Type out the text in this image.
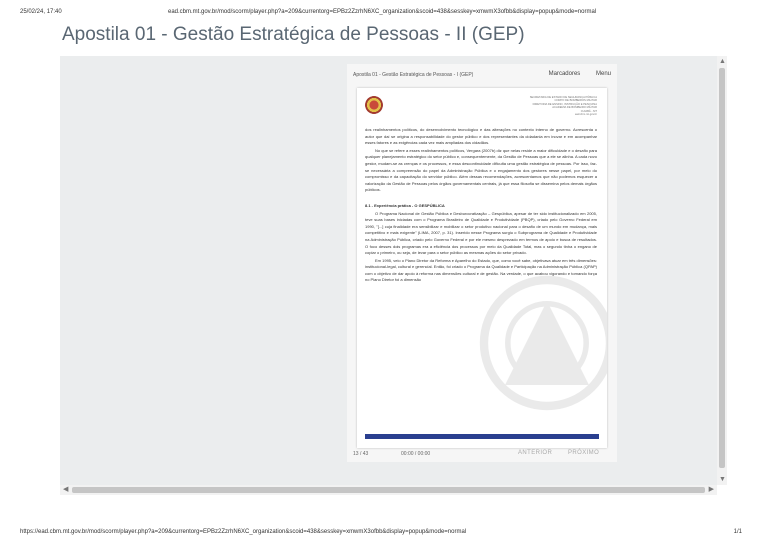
25/02/24, 17:40	ead.cbm.mt.gov.br/mod/scorm/player.php?a=209&currentorg=EPBz2ZzrhN6XC_organization&scoid=438&sesskey=xmwmX3ofbb&display=popup&mode=normal
Apostila 01 - Gestão Estratégica de Pessoas - II (GEP)
▲
▼
◀	▶
Apostila 01 - Gestão Estratégica de Pessoas - I (GEP)	Marcadores	Menu
SECRETARIA DE ESTADO DE SEGURANÇA PÚBLICA
CORPO DE BOMBEIROS MILITAR
DIRETORIA DE ENSINO, INSTRUÇÃO E PESQUISA
ACADEMIA DE BOMBEIRO MILITAR
CUIABÁ - MT
ead.cbm.mt.gov.br

dos realinhamentos políticos, do desenvolvimento tecnológico e das alterações no contexto interno de governo. Acrescenta o autor que daí se origina a responsabilidade do gestor público e dos representantes da cidadania em inovar e em acompanhar esses fatores e as exigências cada vez mais ampliadas dos cidadãos.

No que se refere a esses realinhamentos políticos, Vergara (2007b) diz que nelas reside a maior dificuldade e o desafio para qualquer planejamento estratégico do setor público e, consequentemente, da Gestão de Pessoas que a ele se alinha. A cada novo gestor, mudam-se as crenças e os processos, e essa descontinuidade dificulta uma gestão estratégica de pessoas. Por isso, faz-se necessária a compreensão do papel da Administração Pública e o engajamento dos gestores nesse papel, por meio do compromisso e da capacitação do servidor público. Além dessas recomendações, acrescentamos que não podemos esquecer a valorização da Gestão de Pessoas pelos órgãos governamentais centrais, já que essa filosofia se dissemina pelos demais órgãos públicos.

8.1 - Experiência prática - O GESPÚBLICA

O Programa Nacional de Gestão Pública e Desburocratização – Gespública, apesar de ter sido institucionalizado em 2005, teve suas bases iniciadas com o Programa Brasileiro de Qualidade e Produtividade (PBQP), criado pelo Governo Federal em 1990, "[...] cuja finalidade era sensibilizar e mobilizar o setor produtivo nacional para o desafio de um mundo em mudança, mais competitivo e mais exigente" (LIMA, 2007, p. 31). Inserido nesse Programa surgiu o Subprograma de Qualidade e Produtividade na Administração Pública, criado pelo Governo Federal e por ele mesmo desprezado em termos de apoio e busca de resultados. O foco desses dois programas era a eficiência dos processos por meio da Qualidade Total, mas o segundo tinha o engano de copiar o primeiro, ou seja, de levar para o setor público as mesmas ações do setor privado.

Em 1995, veio o Plano Diretor da Reforma e Aparelho do Estado, que, como você sabe, objetivava atuar em três dimensões: institucional-legal, cultural e gerencial. Então, foi criado o Programa da Qualidade e Participação na Administração Pública (QPAP) com o objetivo de dar apoio à reforma nas dimensões cultural e de gestão. Na verdade, o que acabou vigorando e tomando força no Plano Diretor foi a dimensão

13 / 43	00:00 / 00:00	ANTERIOR	PRÓXIMO
https://ead.cbm.mt.gov.br/mod/scorm/player.php?a=209&currentorg=EPBz2ZzrhN6XC_organization&scoid=438&sesskey=xmwmX3ofbb&display=popup&mode=normal	1/1
